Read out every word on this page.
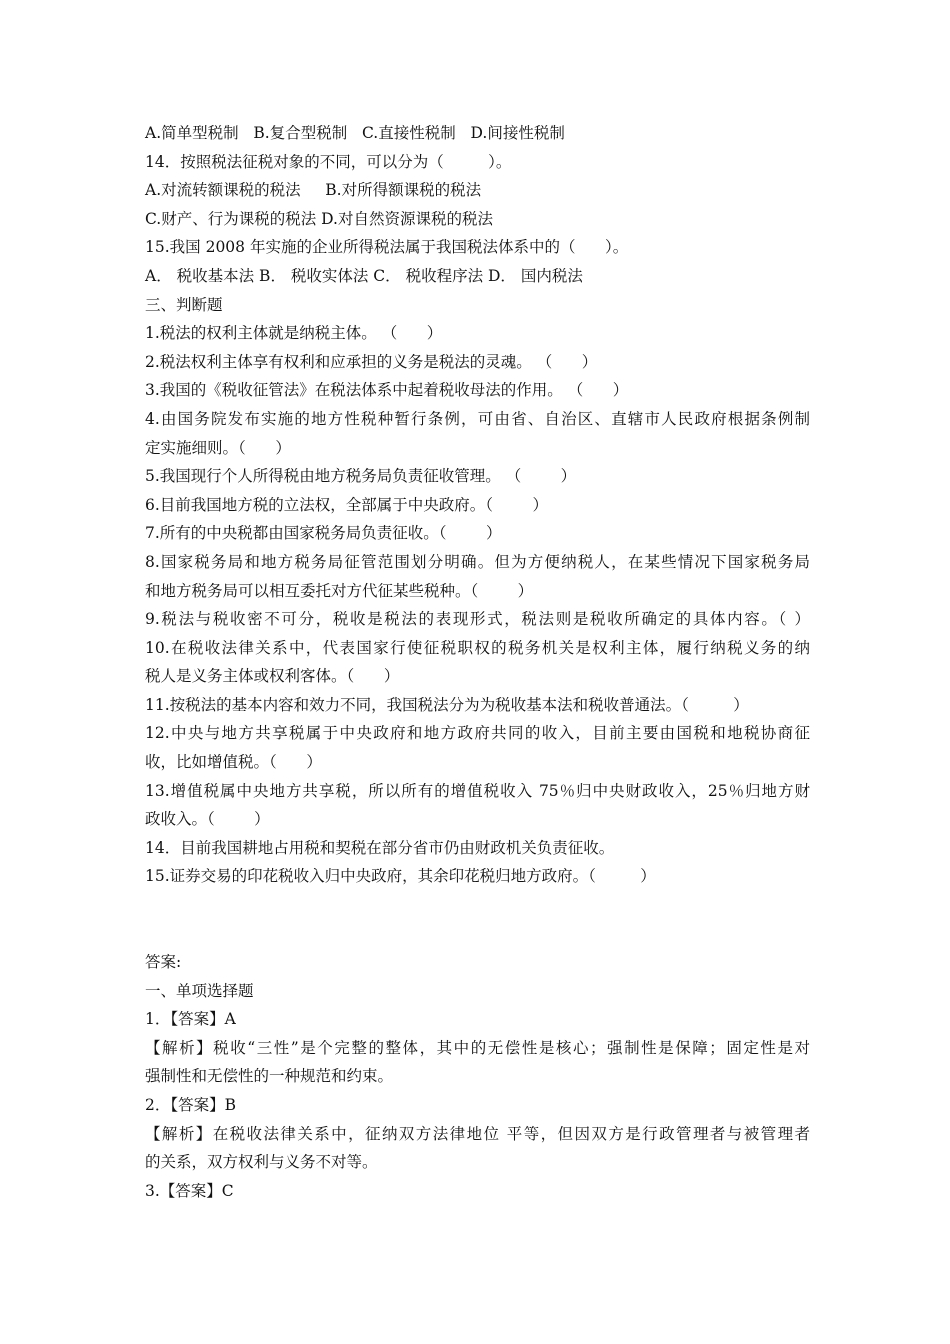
A.简单型税制   B.复合型税制   C.直接性税制   D.间接性税制
14．按照税法征税对象的不同，可以分为（         ）。
A.对流转额课税的税法     B.对所得额课税的税法
C.财产、行为课税的税法 D.对自然资源课税的税法
15.我国 2008 年实施的企业所得税法属于我国税法体系中的（      ）。
A． 税收基本法 B． 税收实体法 C． 税收程序法 D． 国内税法
三、判断题
1.税法的权利主体就是纳税主体。 （      ）
2.税法权利主体享有权利和应承担的义务是税法的灵魂。 （      ）
3.我国的《税收征管法》在税法体系中起着税收母法的作用。 （      ）
4.由国务院发布实施的地方性税种暂行条例，可由省、自治区、直辖市人民政府根据条例制
定实施细则。（      ）
5.我国现行个人所得税由地方税务局负责征收管理。 （        ）
6.目前我国地方税的立法权，全部属于中央政府。（        ）
7.所有的中央税都由国家税务局负责征收。（        ）
8.国家税务局和地方税务局征管范围划分明确。但为方便纳税人，在某些情况下国家税务局
和地方税务局可以相互委托对方代征某些税种。（        ）
9.税法与税收密不可分，税收是税法的表现形式，税法则是税收所确定的具体内容。（ ）
10.在税收法律关系中，代表国家行使征税职权的税务机关是权利主体，履行纳税义务的纳
税人是义务主体或权利客体。（      ）
11.按税法的基本内容和效力不同，我国税法分为为税收基本法和税收普通法。（         ）
12.中央与地方共享税属于中央政府和地方政府共同的收入，目前主要由国税和地税协商征
收，比如增值税。（      ）
13.增值税属中央地方共享税，所以所有的增值税收入 75％归中央财政收入，25％归地方财
政收入。（        ）
14．目前我国耕地占用税和契税在部分省市仍由财政机关负责征收。
15.证券交易的印花税收入归中央政府，其余印花税归地方政府。（         ）
答案:
一、单项选择题
1．【答案】A
【解析】税收“三性”是个完整的整体，其中的无偿性是核心；强制性是保障；固定性是对
强制性和无偿性的一种规范和约束。
2．【答案】B
【解析】在税收法律关系中，征纳双方法律地位 平等，但因双方是行政管理者与被管理者
的关系，双方权利与义务不对等。
3.【答案】C
